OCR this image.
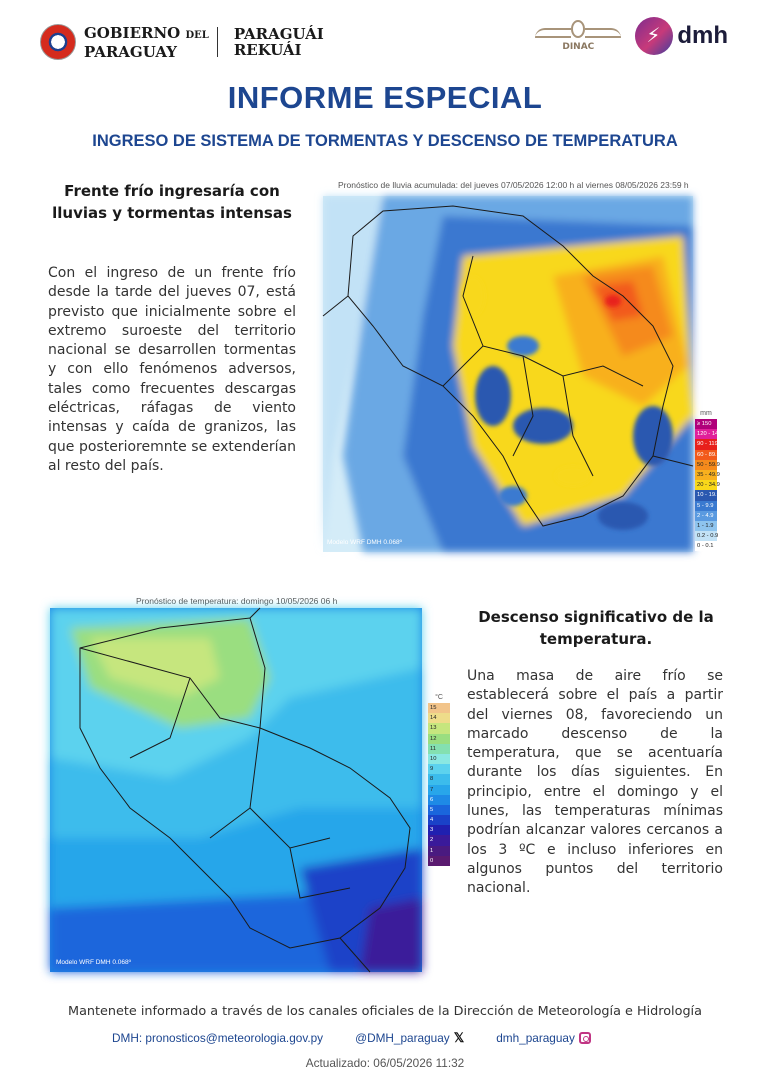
GOBIERNO DEL
PARAGUAY
PARAGUÁI
REKUÁI	DINAC
⚡	dmh
INFORME ESPECIAL
INGRESO DE SISTEMA DE TORMENTAS Y DESCENSO DE TEMPERATURA
Frente frío ingresaría con lluvias y tormentas intensas
Con el ingreso de un frente frío desde la tarde del jueves 07, está previsto que inicialmente sobre el extremo suroeste del territorio nacional se desarrollen tormentas y con ello fenómenos adversos, tales como frecuentes descargas eléctricas, ráfagas de viento intensas y caída de granizos, las que posterioremnte se extenderían al resto del país.
Pronóstico de lluvia acumulada: del jueves 07/05/2026 12:00 h al viernes 08/05/2026 23:59 h
Modelo WRF DMH 0.068º
mm
≥ 150
120 - 149.9
90 - 119.9
60 - 89.9
50 - 59.9
35 - 49.9
20 - 34.9
10 - 19.9
5 - 9.9
2 - 4.9
1 - 1.9
0.2 - 0.9
0 - 0.1
Pronóstico de temperatura: domingo 10/05/2026 06 h
Modelo WRF DMH 0.068º
°C
15
14
13
12
11
10
9
8
7
6
5
4
3
2
1
0
Descenso significativo de la temperatura.
Una masa de aire frío se establecerá sobre el país a partir del viernes 08, favoreciendo un marcado descenso de la temperatura, que se acentuaría durante los días siguientes. En principio, entre el domingo y el lunes, las temperaturas mínimas podrían alcanzar valores cercanos a los 3 ºC e incluso inferiores en algunos puntos del territorio nacional.
Mantenete informado a través de los canales oficiales de la Dirección de Meteorología e Hidrología
DMH: pronosticos@meteorologia.gov.py	@DMH_paraguay 𝕏	dmh_paraguay
Actualizado: 06/05/2026 11:32
